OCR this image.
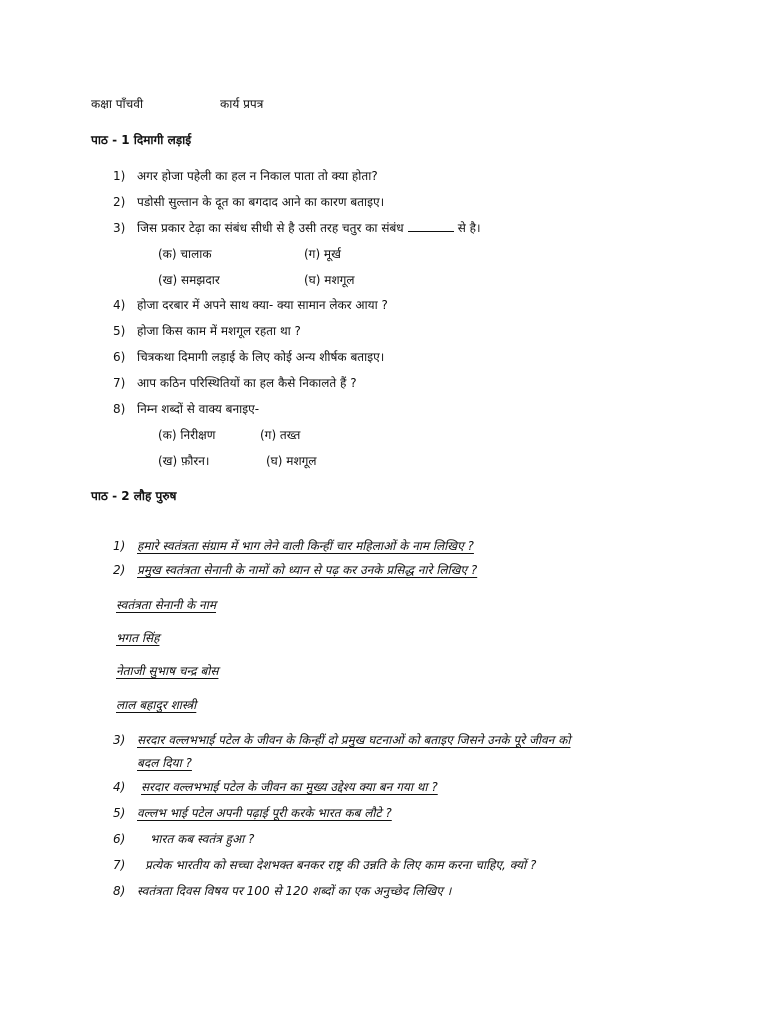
कक्षा पाँचवी	कार्य प्रपत्र
पाठ - 1 दिमागी लड़ाई
1) अगर होजा पहेली का हल न निकाल पाता तो क्या होता?
2) पडोसी सुल्तान के दूत का बगदाद आने का कारण बताइए।
3) जिस प्रकार टेढ़ा का संबंध सीधी से है उसी तरह चतुर का संबंध	से है।
(क) चालाक	(ग) मूर्ख
(ख) समझदार	(घ) मशगूल
4) होजा दरबार में अपने साथ क्या- क्या सामान लेकर आया ?
5) होजा किस काम में मशगूल रहता था ?
6) चित्रकथा दिमागी लड़ाई के लिए कोई अन्य शीर्षक बताइए।
7) आप कठिन परिस्थितियों का हल कैसे निकालते हैं ?
8) निम्न शब्दों से वाक्य बनाइए-
(क) निरीक्षण	(ग) तख्त
(ख) फ़ौरन।	(घ) मशगूल
पाठ - 2 लौह पुरुष
1) हमारे स्वतंत्रता संग्राम में भाग लेने वाली किन्हीं चार महिलाओं के नाम लिखिए ?
2) प्रमुख स्वतंत्रता सेनानी के नामों को ध्यान से पढ़ कर उनके प्रसिद्ध नारे लिखिए ?
स्वतंत्रता सेनानी के नाम
भगत सिंह
नेताजी सुभाष चन्द्र बोस
लाल बहादुर शास्त्री
3) सरदार वल्लभभाई पटेल के जीवन के किन्हीं दो प्रमुख घटनाओं को बताइए जिसने उनके पूरे जीवन को
बदल दिया ?
4) सरदार वल्लभभाई पटेल के जीवन का मुख्य उद्देश्य क्या बन गया था ?
5) वल्लभ भाई पटेल अपनी पढ़ाई पूरी करके भारत कब लौटे ?
6) भारत कब स्वतंत्र हुआ ?
7) प्रत्येक भारतीय को सच्चा देशभक्त बनकर राष्ट्र की उन्नति के लिए काम करना चाहिए, क्यों ?
8) स्वतंत्रता दिवस विषय पर 100 से 120 शब्दों का एक अनुच्छेद लिखिए ।
